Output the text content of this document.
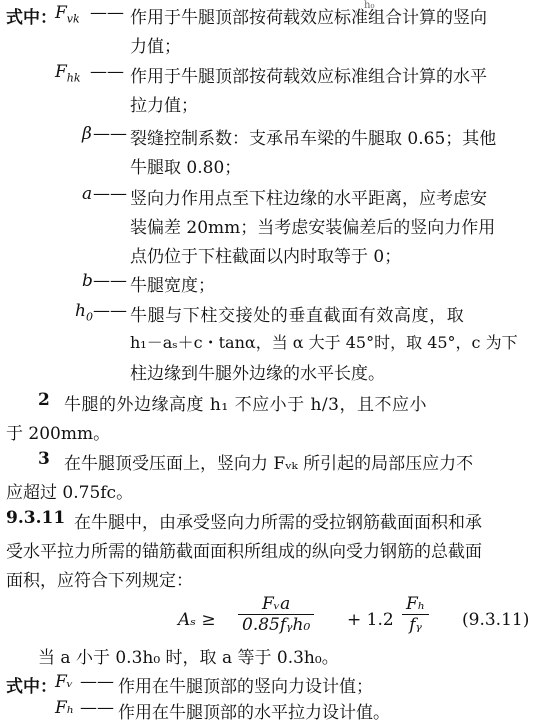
h₀
式中：
$F_{vk}$ —— 作用于牛腿顶部按荷载效应标准组合计算的竖向
力值；
$F_{hk}$ —— 作用于牛腿顶部按荷载效应标准组合计算的水平
拉力值；
β —— 裂缝控制系数：支承吊车梁的牛腿取 0.65；其他
牛腿取 0.80；
a —— 竖向力作用点至下柱边缘的水平距离，应考虑安
装偏差 20mm；当考虑安装偏差后的竖向力作用
点仍位于下柱截面以内时取等于 0；
b —— 牛腿宽度；
$h_0$ —— 牛腿与下柱交接处的垂直截面有效高度，取
h₁－aₛ＋c・tanα，当 α 大于 45°时，取 45°，c 为下
柱边缘到牛腿外边缘的水平长度。
2 牛腿的外边缘高度 h₁ 不应小于 h/3，且不应小
于 200mm。
3 在牛腿顶受压面上，竖向力 Fᵥₖ 所引起的局部压应力不
应超过 0.75fc。
9.3.11 在牛腿中，由承受竖向力所需的受拉钢筋截面面积和承
受水平拉力所需的锚筋截面面积所组成的纵向受力钢筋的总截面
面积，应符合下列规定：
Aₛ ≥
Fᵥa
0.85fᵧh₀ + 1.2
Fₕ
fᵧ (9.3.11)
当 a 小于 0.3h₀ 时，取 a 等于 0.3h₀。
式中：
Fᵥ —— 作用在牛腿顶部的竖向力设计值；
Fₕ —— 作用在牛腿顶部的水平拉力设计值。
